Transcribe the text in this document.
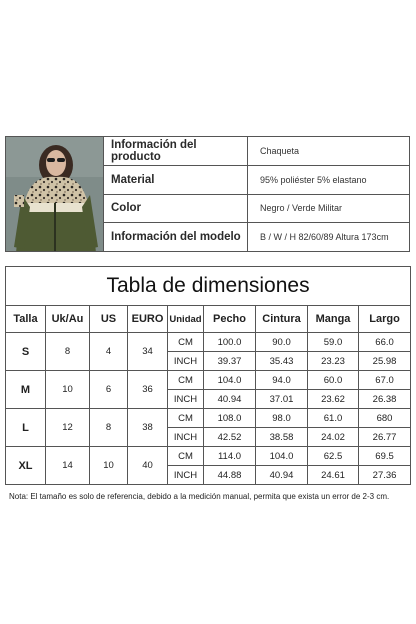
Información del producto	Chaqueta
Material	95% poliéster 5% elastano
Color	Negro / Verde Militar
Información del modelo	B / W / H 82/60/89 Altura 173cm
Tabla de dimensiones								
Talla	Uk/Au	US	EURO	Unidad	Pecho	Cintura	Manga	Largo
S	8	4	34	CM	100.0	90.0	59.0	66.0
				INCH	39.37	35.43	23.23	25.98
M	10	6	36	CM	104.0	94.0	60.0	67.0
				INCH	40.94	37.01	23.62	26.38
L	12	8	38	CM	108.0	98.0	61.0	680
				INCH	42.52	38.58	24.02	26.77
XL	14	10	40	CM	114.0	104.0	62.5	69.5
				INCH	44.88	40.94	24.61	27.36
Nota: El tamaño es solo de referencia, debido a la medición manual, permita que exista un error de 2-3 cm.
